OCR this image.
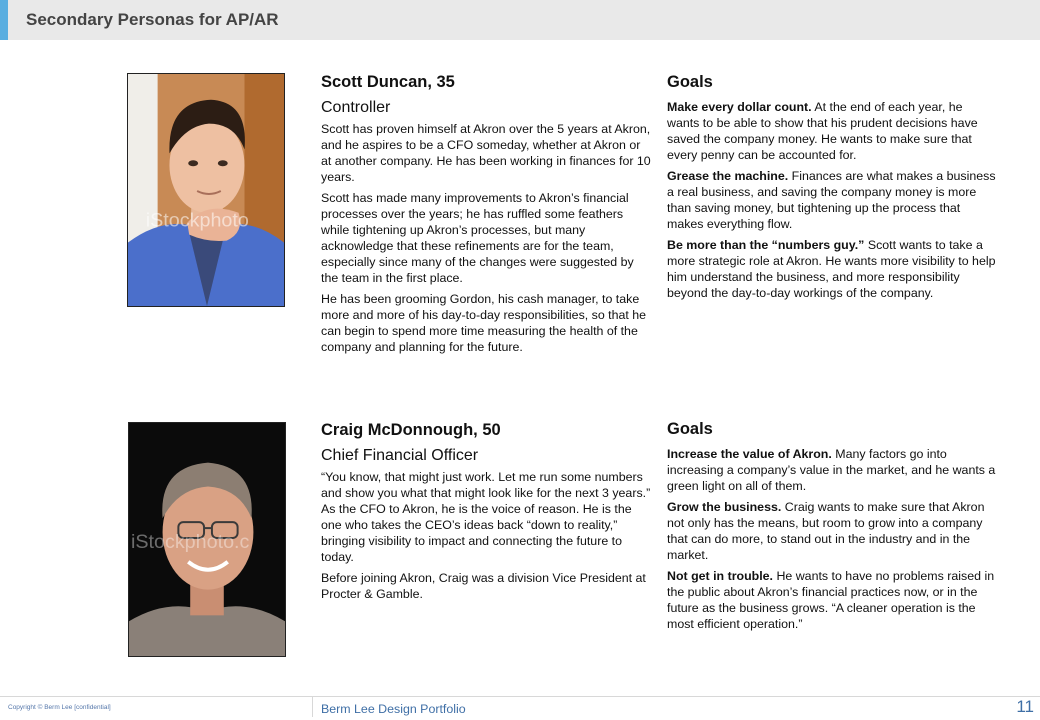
Secondary Personas for AP/AR
iStockphoto
Scott Duncan, 35
Controller

Scott has proven himself at Akron over the 5 years at Akron, and he aspires to be a CFO someday, whether at Akron or at another company. He has been working in finances for 10 years.

Scott has made many improvements to Akron’s financial processes over the years; he has ruffled some feathers while tightening up Akron’s processes, but many acknowledge that these refinements are for the team, especially since many of the changes were suggested by the team in the first place.

He has been grooming Gordon, his cash manager, to take more and more of his day-to-day responsibilities, so that he can begin to spend more time measuring the health of the company and planning for the future.

Goals

Make every dollar count. At the end of each year, he wants to be able to show that his prudent decisions have saved the company money. He wants to make sure that every penny can be accounted for.

Grease the machine. Finances are what makes a business a real business, and saving the company money is more than saving money, but tightening up the process that makes everything flow.

Be more than the “numbers guy.” Scott wants to take a more strategic role at Akron. He wants more visibility to help him understand the business, and more responsibility beyond the day-to-day workings of the company.

iStockphoto.c
Craig McDonnough, 50
Chief Financial Officer

“You know, that might just work. Let me run some numbers and show you what that might look like for the next 3 years.” As the CFO to Akron, he is the voice of reason. He is the one who takes the CEO’s ideas back “down to reality,” bringing visibility to impact and connecting the future to today.

Before joining Akron, Craig was a division Vice President at Procter & Gamble.

Goals

Increase the value of Akron. Many factors go into increasing a company’s value in the market, and he wants a green light on all of them.

Grow the business. Craig wants to make sure that Akron not only has the means, but room to grow into a company that can do more, to stand out in the industry and in the market.

Not get in trouble. He wants to have no problems raised in the public about Akron’s financial practices now, or in the future as the business grows. “A cleaner operation is the most efficient operation.”

Copyright © Berm Lee [confidential]	Berm Lee Design Portfolio	11
